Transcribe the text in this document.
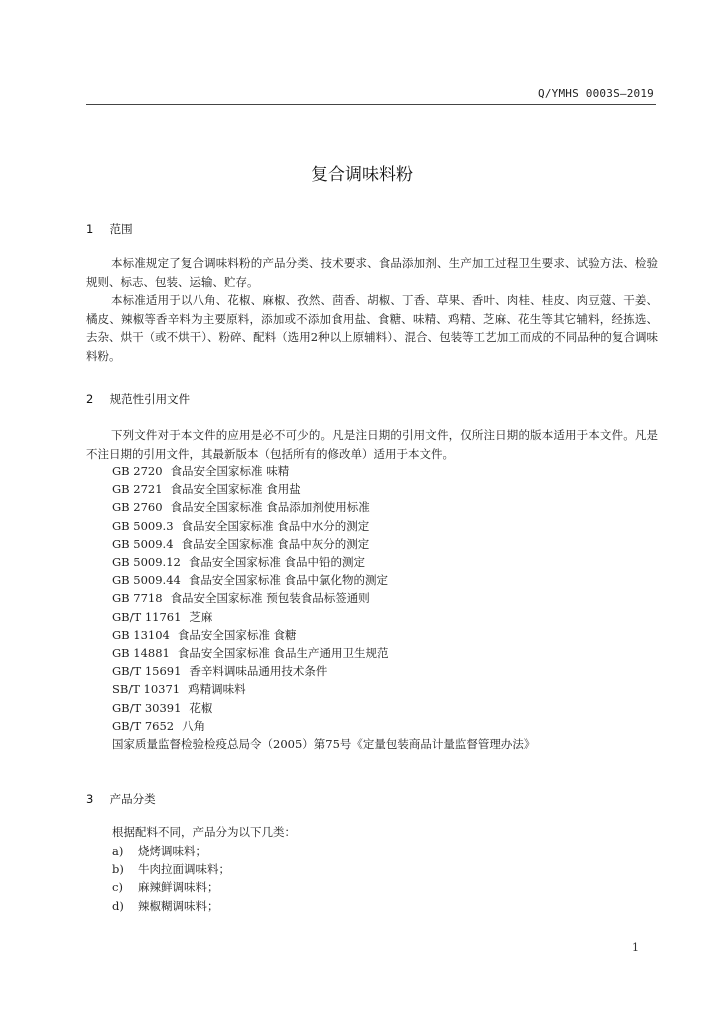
Q/YMHS 0003S—2019
复合调味料粉
1 范围

本标准规定了复合调味料粉的产品分类、技术要求、食品添加剂、生产加工过程卫生要求、试验方法、检验规则、标志、包装、运输、贮存。

本标准适用于以八角、花椒、麻椒、孜然、茴香、胡椒、丁香、草果、香叶、肉桂、桂皮、肉豆蔻、干姜、橘皮、辣椒等香辛料为主要原料，添加或不添加食用盐、食糖、味精、鸡精、芝麻、花生等其它辅料，经拣选、去杂、烘干（或不烘干）、粉碎、配料（选用2种以上原辅料）、混合、包装等工艺加工而成的不同品种的复合调味料粉。

2 规范性引用文件

下列文件对于本文件的应用是必不可少的。凡是注日期的引用文件，仅所注日期的版本适用于本文件。凡是不注日期的引用文件，其最新版本（包括所有的修改单）适用于本文件。

GB 2720 食品安全国家标准 味精
GB 2721 食品安全国家标准 食用盐
GB 2760 食品安全国家标准 食品添加剂使用标准
GB 5009.3 食品安全国家标准 食品中水分的测定
GB 5009.4 食品安全国家标准 食品中灰分的测定
GB 5009.12 食品安全国家标准 食品中铅的测定
GB 5009.44 食品安全国家标准 食品中氯化物的测定
GB 7718 食品安全国家标准 预包装食品标签通则
GB/T 11761 芝麻
GB 13104 食品安全国家标准 食糖
GB 14881 食品安全国家标准 食品生产通用卫生规范
GB/T 15691 香辛料调味品通用技术条件
SB/T 10371 鸡精调味料
GB/T 30391 花椒
GB/T 7652 八角
国家质量监督检验检疫总局令（2005）第75号《定量包装商品计量监督管理办法》
3 产品分类
根据配料不同，产品分为以下几类：
a) 烧烤调味料；
b) 牛肉拉面调味料；
c) 麻辣鲜调味料；
d) 辣椒糊调味料；
1
